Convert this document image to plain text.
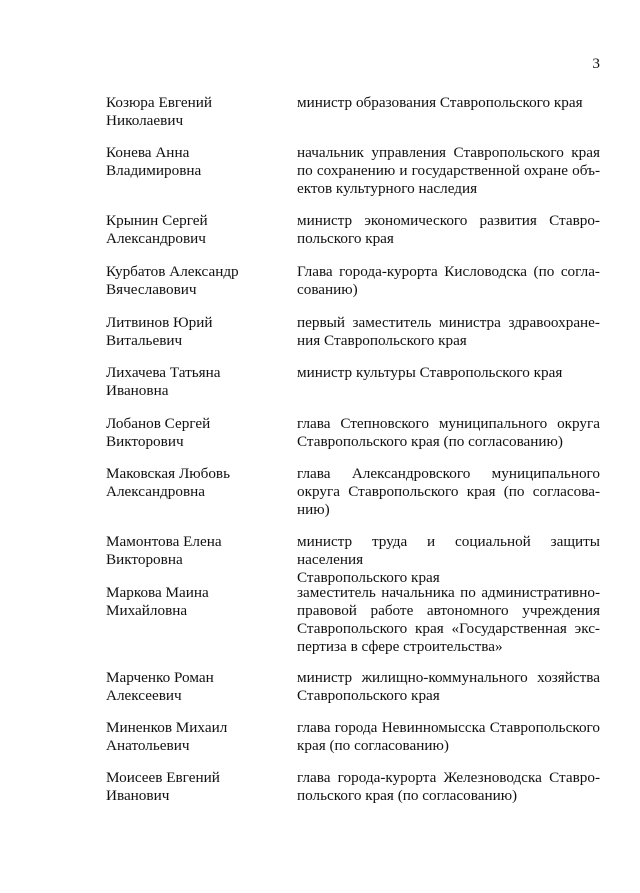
3
Козюра Евгений
Николаевич
министр образования Ставропольского края
Конева Анна
Владимировна
начальник управления Ставропольского края
по сохранению и государственной охране объ-
ектов культурного наследия
Крынин Сергей
Александрович
министр экономического развития Ставро-
польского края
Курбатов Александр
Вячеславович
Глава города-курорта Кисловодска (по согла-
сованию)
Литвинов Юрий
Витальевич
первый заместитель министра здравоохране-
ния Ставропольского края
Лихачева Татьяна
Ивановна
министр культуры Ставропольского края
Лобанов Сергей
Викторович
глава Степновского муниципального округа
Ставропольского края (по согласованию)
Маковская Любовь
Александровна
глава Александровского муниципального
округа Ставропольского края (по согласова-
нию)
Мамонтова Елена
Викторовна
министр труда и социальной защиты населения
Ставропольского края
Маркова Маина
Михайловна
заместитель начальника по административно-
правовой работе автономного учреждения
Ставропольского края «Государственная экс-
пертиза в сфере строительства»
Марченко Роман
Алексеевич
министр жилищно-коммунального хозяйства
Ставропольского края
Миненков Михаил
Анатольевич
глава города Невинномысска Ставропольского
края (по согласованию)
Моисеев Евгений
Иванович
глава города-курорта Железноводска Ставро-
польского края (по согласованию)
